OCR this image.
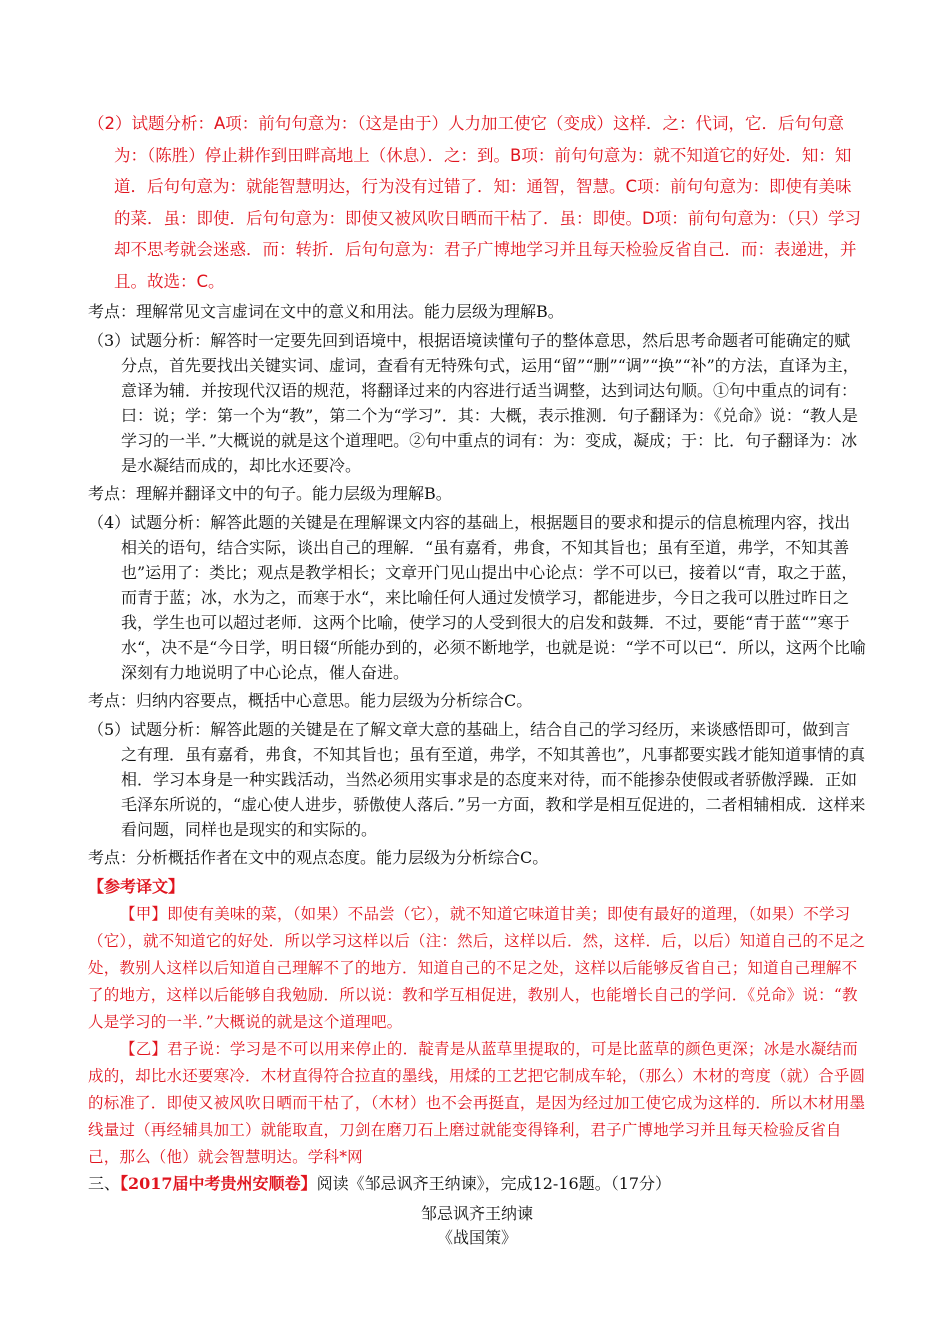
（2）试题分析：A项：前句句意为：（这是由于）人力加工使它（变成）这样．之：代词，它．后句句意为：（陈胜）停止耕作到田畔高地上（休息）．之：到。B项：前句句意为：就不知道它的好处．知：知道．后句句意为：就能智慧明达，行为没有过错了．知：通智，智慧。C项：前句句意为：即使有美味的菜．虽：即使．后句句意为：即使又被风吹日晒而干枯了．虽：即使。D项：前句句意为：（只）学习却不思考就会迷惑．而：转折．后句句意为：君子广博地学习并且每天检验反省自己．而：表递进，并且。故选：C。

考点：理解常见文言虚词在文中的意义和用法。能力层级为理解B。

（3）试题分析：解答时一定要先回到语境中，根据语境读懂句子的整体意思，然后思考命题者可能确定的赋分点，首先要找出关键实词、虚词，查看有无特殊句式，运用“留”“删”“调”“换”“补”的方法，直译为主，意译为辅．并按现代汉语的规范，将翻译过来的内容进行适当调整，达到词达句顺。①句中重点的词有：曰：说；学：第一个为“教”，第二个为“学习”．其：大概，表示推测．句子翻译为：《兑命》说：“教人是学习的一半．”大概说的就是这个道理吧。②句中重点的词有：为：变成，凝成；于：比．句子翻译为：冰是水凝结而成的，却比水还要冷。

考点：理解并翻译文中的句子。能力层级为理解B。

（4）试题分析：解答此题的关键是在理解课文内容的基础上，根据题目的要求和提示的信息梳理内容，找出相关的语句，结合实际，谈出自己的理解．“虽有嘉肴，弗食，不知其旨也；虽有至道，弗学，不知其善也”运用了：类比；观点是教学相长；文章开门见山提出中心论点：学不可以已，接着以“青，取之于蓝，而青于蓝；冰，水为之，而寒于水“，来比喻任何人通过发愤学习，都能进步，今日之我可以胜过昨日之我，学生也可以超过老师．这两个比喻，使学习的人受到很大的启发和鼓舞．不过，要能“青于蓝“”寒于水“，决不是“今日学，明日辍“所能办到的，必须不断地学，也就是说：“学不可以已“．所以，这两个比喻深刻有力地说明了中心论点，催人奋进。

考点：归纳内容要点，概括中心意思。能力层级为分析综合C。

（5）试题分析：解答此题的关键是在了解文章大意的基础上，结合自己的学习经历，来谈感悟即可，做到言之有理．虽有嘉肴，弗食，不知其旨也；虽有至道，弗学，不知其善也”，凡事都要实践才能知道事情的真相．学习本身是一种实践活动，当然必须用实事求是的态度来对待，而不能掺杂使假或者骄傲浮躁．正如毛泽东所说的，“虚心使人进步，骄傲使人落后．”另一方面，教和学是相互促进的，二者相辅相成．这样来看问题，同样也是现实的和实际的。

考点：分析概括作者在文中的观点态度。能力层级为分析综合C。

【参考译文】

【甲】即使有美味的菜，（如果）不品尝（它），就不知道它味道甘美；即使有最好的道理，（如果）不学习（它），就不知道它的好处．所以学习这样以后（注：然后，这样以后．然，这样．后，以后）知道自己的不足之处，教别人这样以后知道自己理解不了的地方．知道自己的不足之处，这样以后能够反省自己；知道自己理解不了的地方，这样以后能够自我勉励．所以说：教和学互相促进，教别人，也能增长自己的学问．《兑命》说：“教人是学习的一半．”大概说的就是这个道理吧。

【乙】君子说：学习是不可以用来停止的．靛青是从蓝草里提取的，可是比蓝草的颜色更深；冰是水凝结而成的，却比水还要寒冷．木材直得符合拉直的墨线，用煣的工艺把它制成车轮，（那么）木材的弯度（就）合乎圆的标准了．即使又被风吹日晒而干枯了，（木材）也不会再挺直，是因为经过加工使它成为这样的．所以木材用墨线量过（再经辅具加工）就能取直，刀剑在磨刀石上磨过就能变得锋利，君子广博地学习并且每天检验反省自己，那么（他）就会智慧明达。学科*网

三、【2017届中考贵州安顺卷】阅读《邹忌讽齐王纳谏》，完成12-16题。（17分）

邹忌讽齐王纳谏

《战国策》
